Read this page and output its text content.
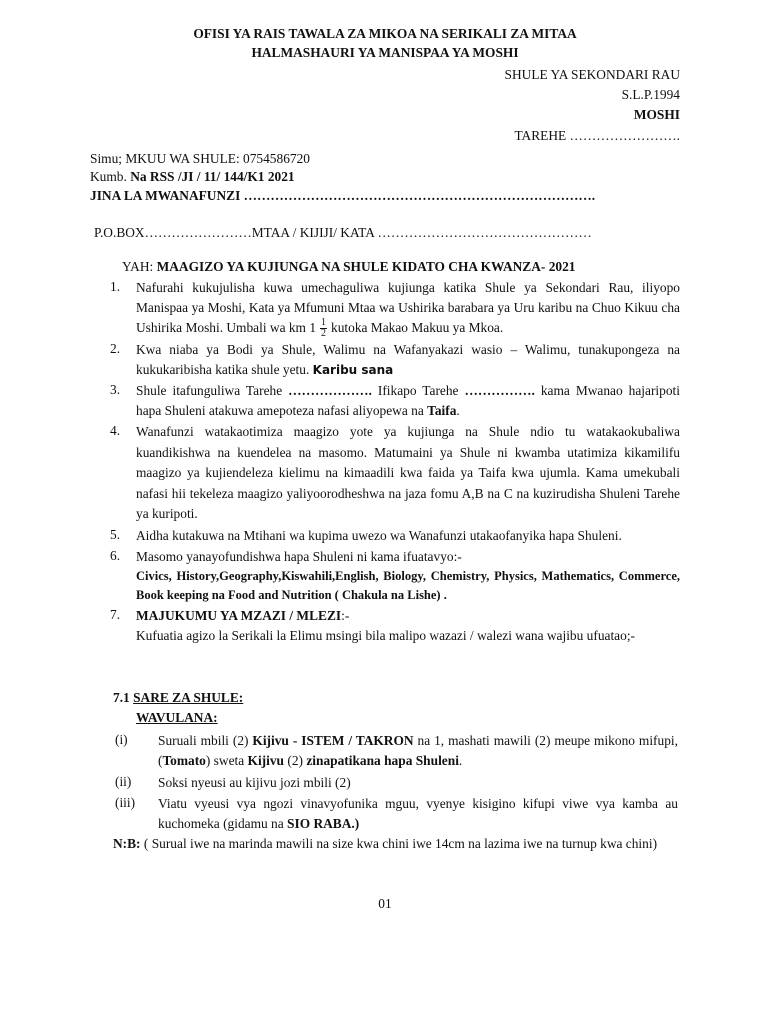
OFISI YA RAIS TAWALA ZA MIKOA NA SERIKALI ZA MITAA
HALMASHAURI YA MANISPAA YA MOSHI
SHULE YA SEKONDARI RAU
S.L.P.1994
MOSHI
TAREHE …………………….
Simu; MKUU WA SHULE: 0754586720
Kumb. Na RSS /JI / 11/ 144/K1 2021
JINA LA MWANAFUNZI …………………………………………………………………….
P.O.BOX……………………MTAA / KIJIJI/ KATA …………………………………………
YAH: MAAGIZO YA KUJIUNGA NA SHULE KIDATO CHA KWANZA- 2021
1. Nafurahi kukujulisha kuwa umechaguliwa kujiunga katika Shule ya Sekondari Rau, iliyopo Manispaa ya Moshi, Kata ya Mfumuni Mtaa wa Ushirika barabara ya Uru karibu na Chuo Kikuu cha Ushirika Moshi. Umbali wa km $1 \frac{1}{2}$ kutoka Makao Makuu ya Mkoa.

2. Kwa niaba ya Bodi ya Shule, Walimu na Wafanyakazi wasio – Walimu, tunakupongeza na kukukaribisha katika shule yetu. Karibu sana

3. Shule itafunguliwa Tarehe ………………. Ifikapo Tarehe ……………. kama Mwanao hajaripoti hapa Shuleni atakuwa amepoteza nafasi aliyopewa na Taifa.

4. Wanafunzi watakaotimiza maagizo yote ya kujiunga na Shule ndio tu watakaokubaliwa kuandikishwa na kuendelea na masomo. Matumaini ya Shule ni kwamba utatimiza kikamilifu maagizo ya kujiendeleza kielimu na kimaadili kwa faida ya Taifa kwa ujumla. Kama umekubali nafasi hii tekeleza maagizo yaliyoorodheshwa na jaza fomu A,B na C na kuzirudisha Shuleni Tarehe ya kuripoti.

5. Aidha kutakuwa na Mtihani wa kupima uwezo wa Wanafunzi utakaofanyika hapa Shuleni.

6. Masomo yanayofundishwa hapa Shuleni ni kama ifuatavyo:-

Civics, History,Geography,Kiswahili,English, Biology, Chemistry, Physics, Mathematics, Commerce, Book keeping na Food and Nutrition ( Chakula na Lishe) .

7. MAJUKUMU YA MZAZI / MLEZI:-

Kufuatia agizo la Serikali la Elimu msingi bila malipo wazazi / walezi wana wajibu ufuatao;-

7.1 SARE ZA SHULE:
WAVULANA:
(i) Suruali mbili (2) Kijivu - ISTEM / TAKRON na 1, mashati mawili (2) meupe mikono mifupi,(Tomato) sweta Kijivu (2) zinapatikana hapa Shuleni.

(ii) Soksi nyeusi au kijivu jozi mbili (2)

(iii) Viatu vyeusi vya ngozi vinavyofunika mguu, vyenye kisigino kifupi viwe vya kamba au kuchomeka (gidamu na SIO RABA.)

N:B: ( Surual iwe na marinda mawili na size kwa chini iwe 14cm na lazima iwe na turnup kwa chini)

01
